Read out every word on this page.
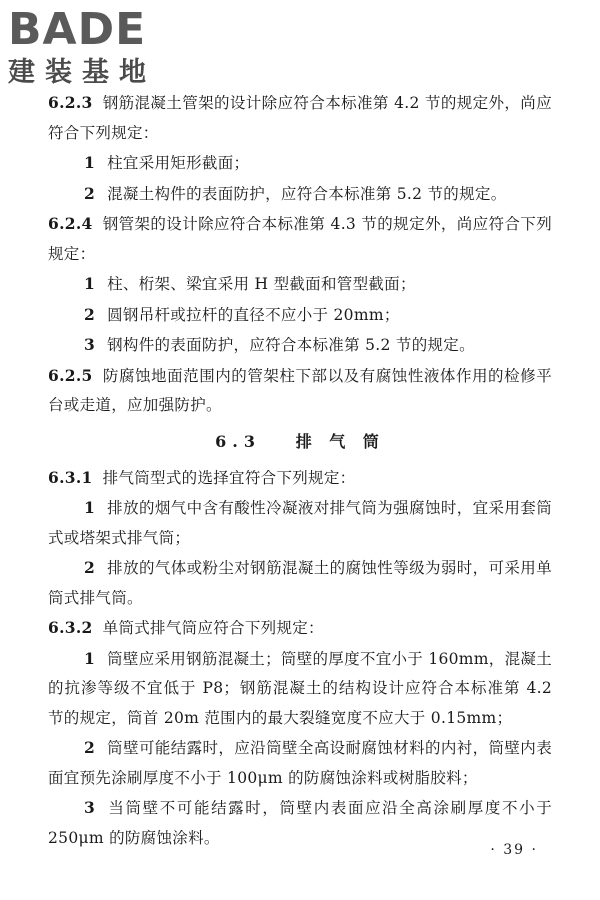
BADE
建装基地

6.2.3 钢筋混凝土管架的设计除应符合本标准第 4.2 节的规定外，尚应符合下列规定：

1 柱宜采用矩形截面；

2 混凝土构件的表面防护，应符合本标准第 5.2 节的规定。

6.2.4 钢管架的设计除应符合本标准第 4.3 节的规定外，尚应符合下列规定：

1 柱、桁架、梁宜采用 H 型截面和管型截面；

2 圆钢吊杆或拉杆的直径不应小于 20mm；

3 钢构件的表面防护，应符合本标准第 5.2 节的规定。

6.2.5 防腐蚀地面范围内的管架柱下部以及有腐蚀性液体作用的检修平台或走道，应加强防护。

6.3 排 气 筒

6.3.1 排气筒型式的选择宜符合下列规定：

1 排放的烟气中含有酸性冷凝液对排气筒为强腐蚀时，宜采用套筒式或塔架式排气筒；

2 排放的气体或粉尘对钢筋混凝土的腐蚀性等级为弱时，可采用单筒式排气筒。

6.3.2 单筒式排气筒应符合下列规定：

1 筒壁应采用钢筋混凝土；筒壁的厚度不宜小于 160mm，混凝土的抗渗等级不宜低于 P8；钢筋混凝土的结构设计应符合本标准第 4.2 节的规定，筒首 20m 范围内的最大裂缝宽度不应大于 0.15mm；

2 筒壁可能结露时，应沿筒壁全高设耐腐蚀材料的内衬，筒壁内表面宜预先涂刷厚度不小于 100μm 的防腐蚀涂料或树脂胶料；

3 当筒壁不可能结露时，筒壁内表面应沿全高涂刷厚度不小于 250μm 的防腐蚀涂料。

· 39 ·
